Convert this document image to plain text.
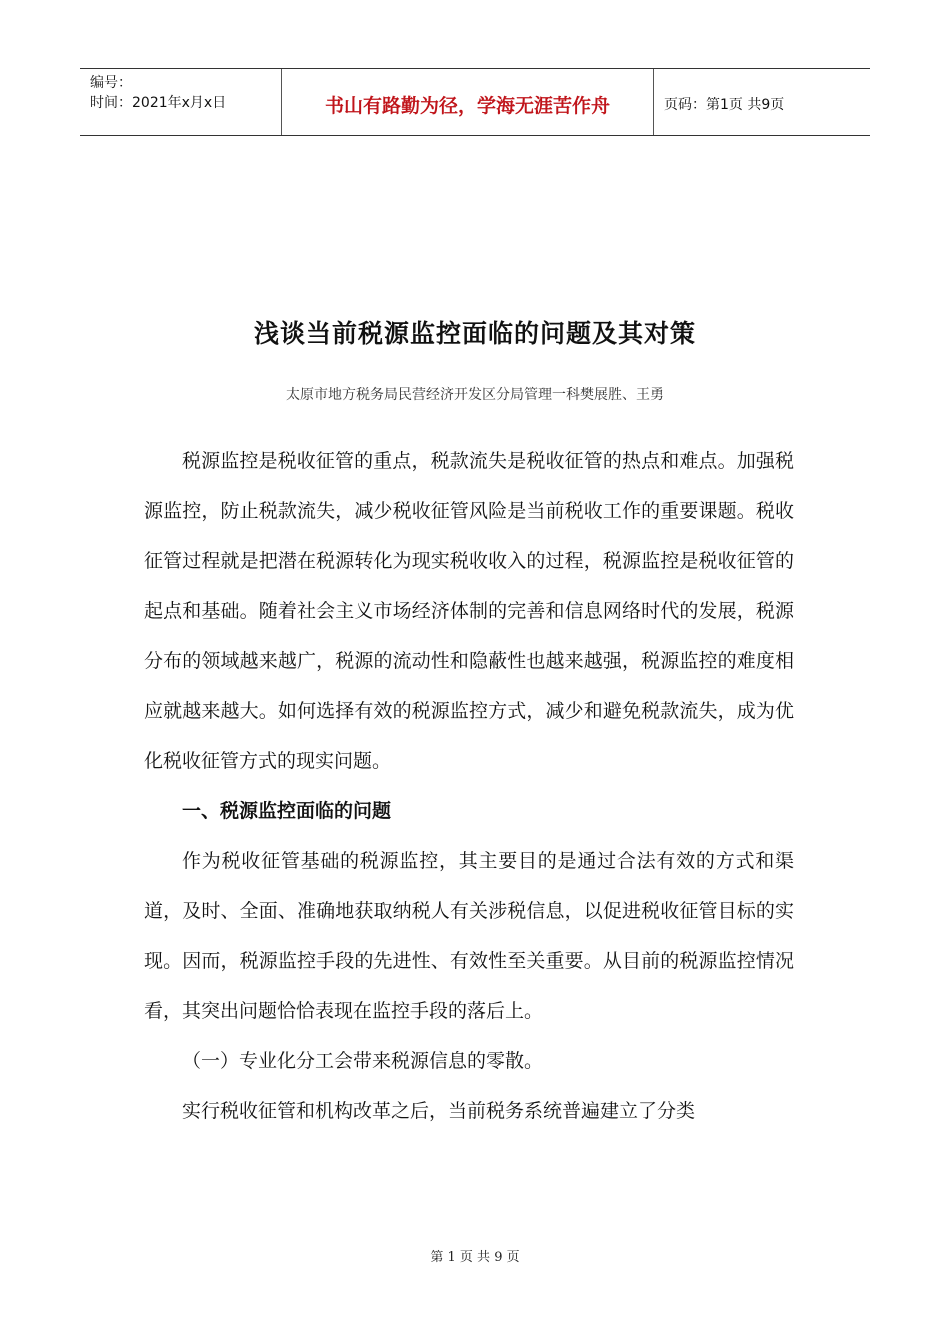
编号：
时间：2021年x月x日	书山有路勤为径，学海无涯苦作舟	页码：第1页 共9页
浅谈当前税源监控面临的问题及其对策
太原市地方税务局民营经济开发区分局管理一科樊展胜、王勇

税源监控是税收征管的重点，税款流失是税收征管的热点和难点。加强税源监控，防止税款流失，减少税收征管风险是当前税收工作的重要课题。税收征管过程就是把潜在税源转化为现实税收收入的过程，税源监控是税收征管的起点和基础。随着社会主义市场经济体制的完善和信息网络时代的发展，税源分布的领域越来越广，税源的流动性和隐蔽性也越来越强，税源监控的难度相应就越来越大。如何选择有效的税源监控方式，减少和避免税款流失，成为优化税收征管方式的现实问题。

一、税源监控面临的问题

作为税收征管基础的税源监控，其主要目的是通过合法有效的方式和渠道，及时、全面、准确地获取纳税人有关涉税信息，以促进税收征管目标的实现。因而，税源监控手段的先进性、有效性至关重要。从目前的税源监控情况看，其突出问题恰恰表现在监控手段的落后上。

（一）专业化分工会带来税源信息的零散。

实行税收征管和机构改革之后，当前税务系统普遍建立了分类

第 1 页 共 9 页
